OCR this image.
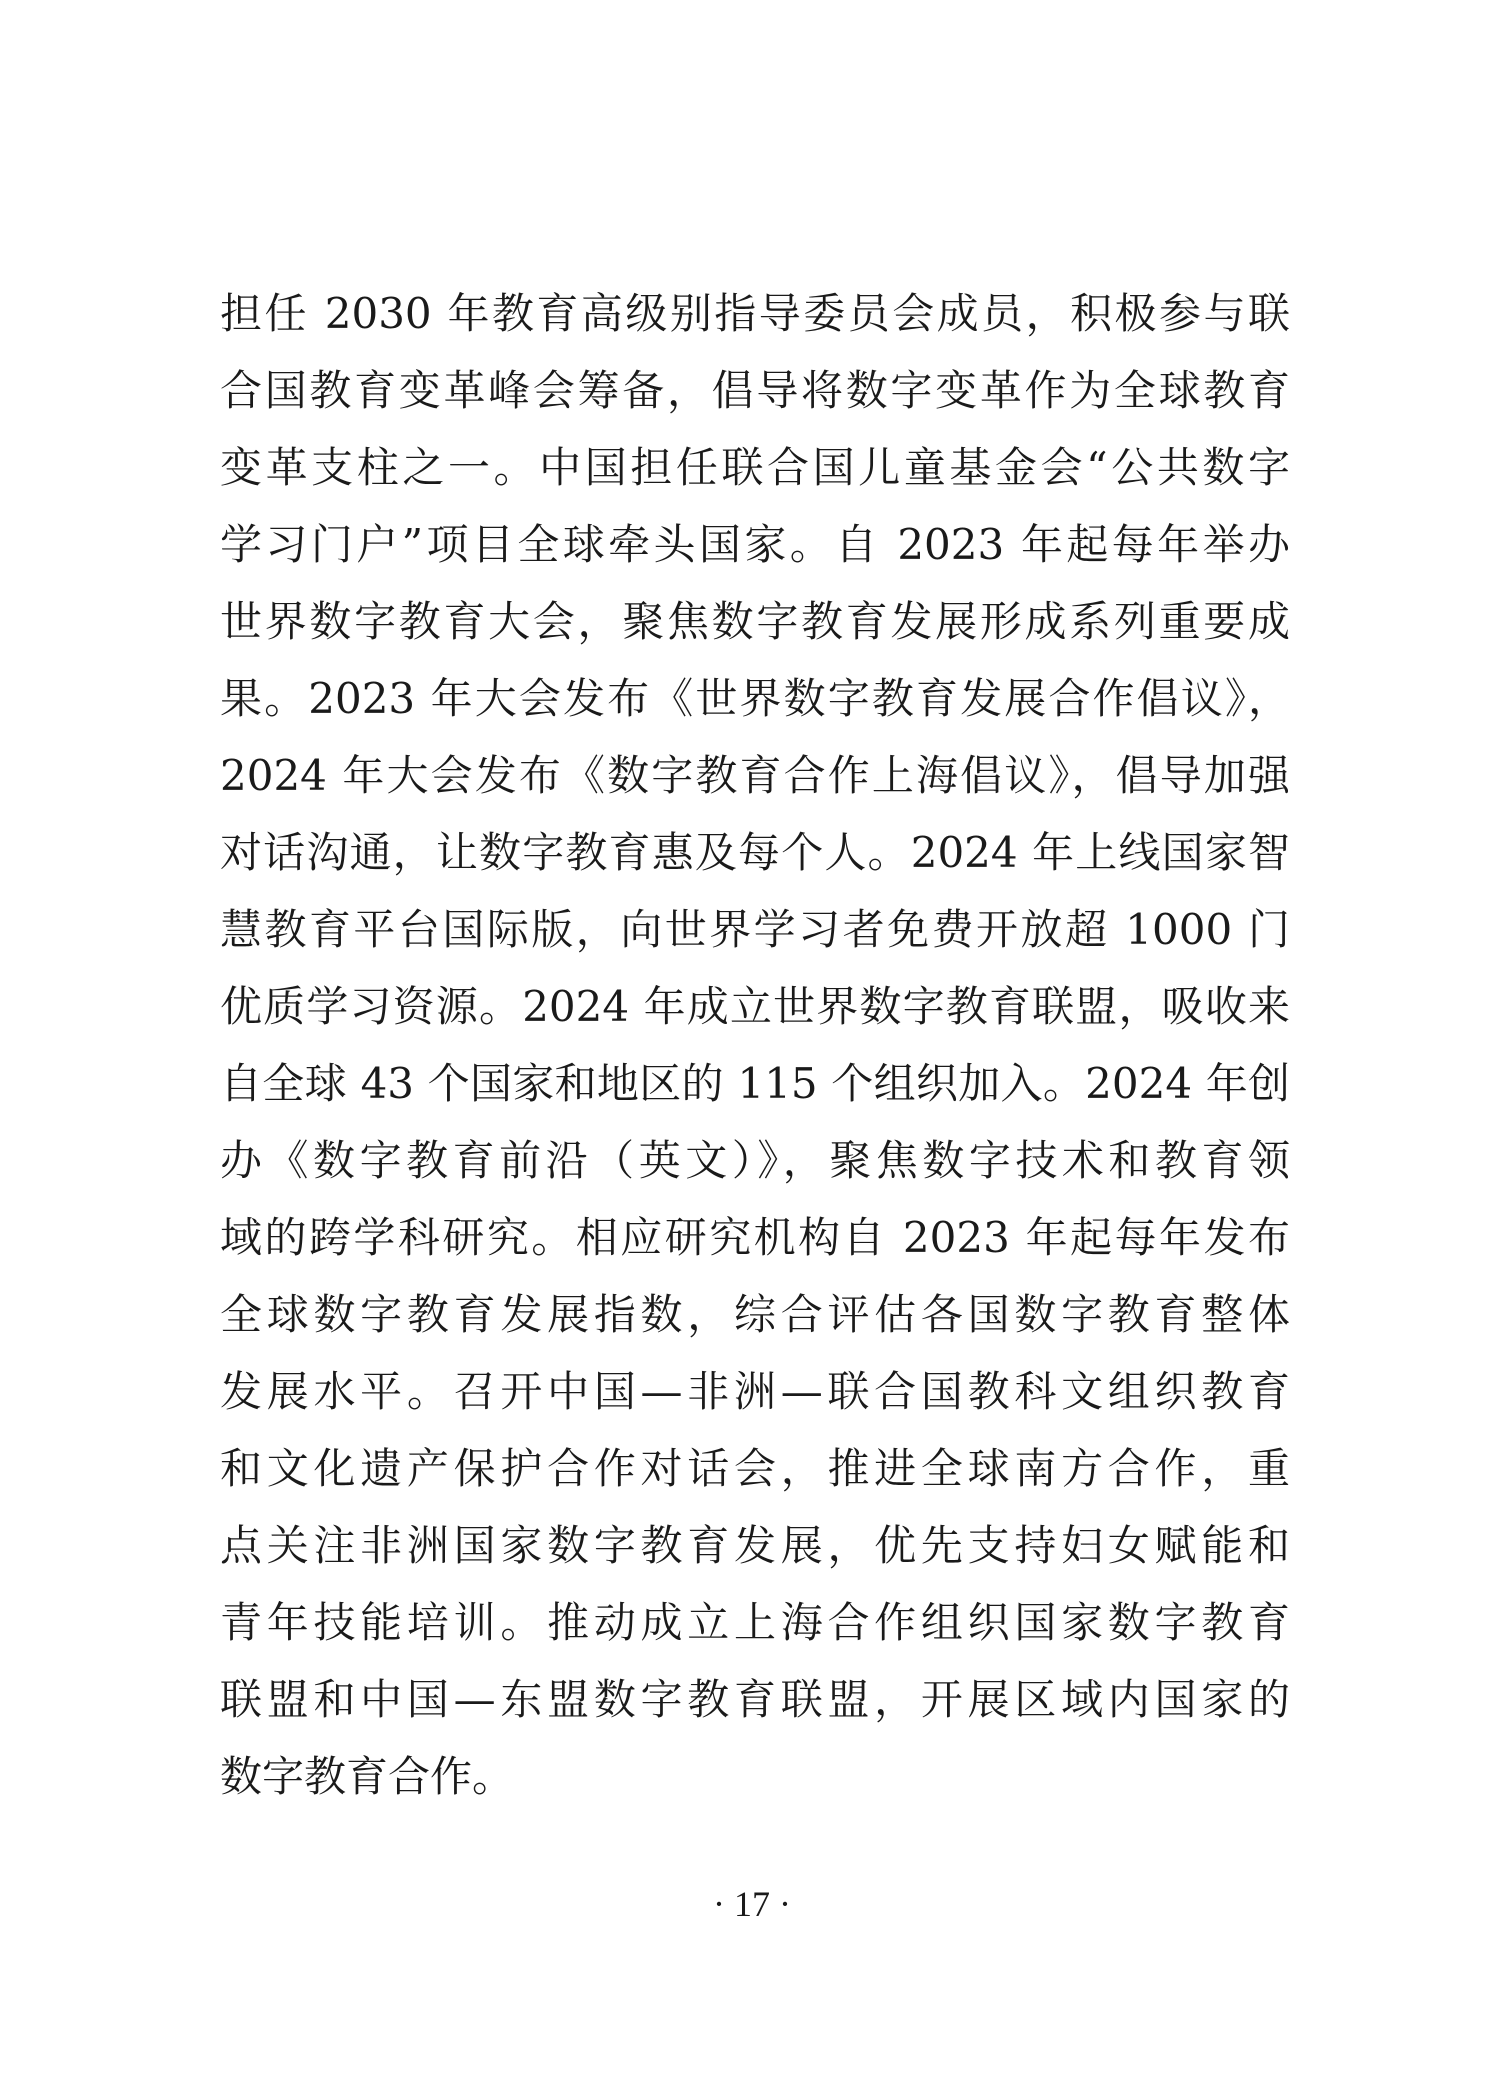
担任 2030 年教育高级别指导委员会成员，积极参与联
合国教育变革峰会筹备，倡导将数字变革作为全球教育
变革支柱之一。中国担任联合国儿童基金会“公共数字
学习门户”项目全球牵头国家。自 2023 年起每年举办
世界数字教育大会，聚焦数字教育发展形成系列重要成
果。2023 年大会发布《世界数字教育发展合作倡议》，
2024 年大会发布《数字教育合作上海倡议》，倡导加强
对话沟通，让数字教育惠及每个人。2024 年上线国家智
慧教育平台国际版，向世界学习者免费开放超 1000 门
优质学习资源。2024 年成立世界数字教育联盟，吸收来
自全球 43 个国家和地区的 115 个组织加入。2024 年创
办《数字教育前沿（英文）》，聚焦数字技术和教育领
域的跨学科研究。相应研究机构自 2023 年起每年发布
全球数字教育发展指数，综合评估各国数字教育整体
发展水平。召开中国—非洲—联合国教科文组织教育
和文化遗产保护合作对话会，推进全球南方合作，重
点关注非洲国家数字教育发展，优先支持妇女赋能和
青年技能培训。推动成立上海合作组织国家数字教育
联盟和中国—东盟数字教育联盟，开展区域内国家的
数字教育合作。
· 17 ·
